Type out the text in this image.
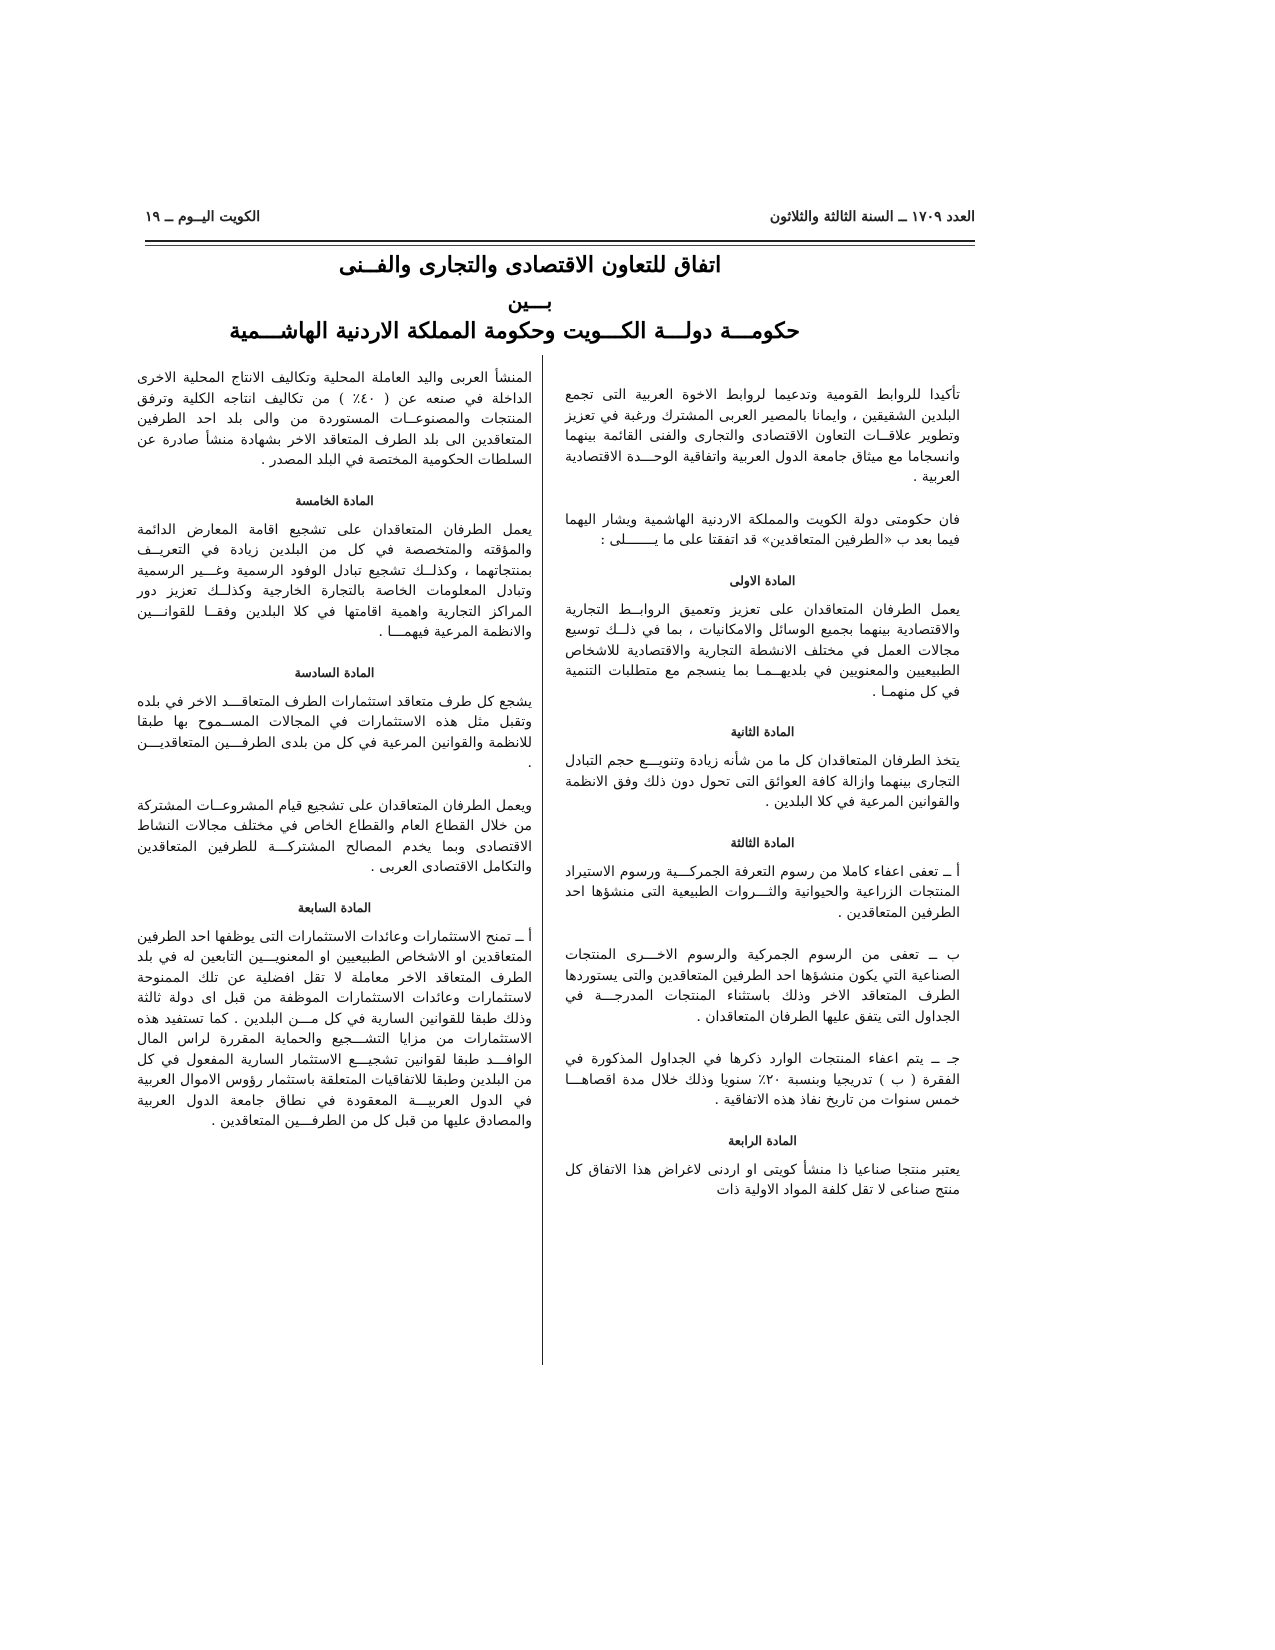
العدد ١٧٠٩ ــ السنة الثالثة والثلاثون
الكويت اليــوم ــ ١٩
اتفاق للتعاون الاقتصادى والتجارى والفــنى
بـــين
حكومـــة دولـــة الكـــويت وحكومة المملكة الاردنية الهاشـــمية

تأكيدا للروابط القومية وتدعيما لروابط الاخوة العربية التى تجمع البلدين الشقيقين ، وايمانا بالمصير العربى المشترك ورغبة في تعزيز وتطوير علاقــات التعاون الاقتصادى والتجارى والفنى القائمة بينهما وانسجاما مع ميثاق جامعة الدول العربية واتفاقية الوحـــدة الاقتصادية العربية .

فان حكومتى دولة الكويت والمملكة الاردنية الهاشمية ويشار اليهما فيما بعد ب «الطرفين المتعاقدين» قد اتفقتا على ما يـــــــلى :

المادة الاولى

يعمل الطرفان المتعاقدان على تعزيز وتعميق الروابــط التجارية والاقتصادية بينهما بجميع الوسائل والامكانيات ، بما في ذلــك توسيع مجالات العمل في مختلف الانشطة التجارية والاقتصادية للاشخاص الطبيعيين والمعنويين في بلديهــمـا بما ينسجم مع متطلبات التنمية في كل منهمـا .

المادة الثانية

يتخذ الطرفان المتعاقدان كل ما من شأنه زيادة وتنويـــع حجم التبادل التجارى بينهما وازالة كافة العوائق التى تحول دون ذلك وفق الانظمة والقوانين المرعية في كلا البلدين .

المادة الثالثة

أ ــ تعفى اعفاء كاملا من رسوم التعرفة الجمركـــية ورسوم الاستيراد المنتجات الزراعية والحيوانية والثـــروات الطبيعية التى منشؤها احد الطرفين المتعاقدين .

ب ــ تعفى من الرسوم الجمركية والرسوم الاخـــرى المنتجات الصناعية التي يكون منشؤها احد الطرفين المتعاقدين والتى يستوردها الطرف المتعاقد الاخر وذلك باستثناء المنتجات المدرجـــة في الجداول التى يتفق عليها الطرفان المتعاقدان .

جـ ــ يتم اعفاء المنتجات الوارد ذكرها في الجداول المذكورة في الفقرة ( ب ) تدريجيا وبنسبة ٢٠٪ سنويا وذلك خلال مدة اقصاهـــا خمس سنوات من تاريخ نفاذ هذه الاتفاقية .

المادة الرابعة

يعتبر منتجا صناعيا ذا منشأ كويتى او اردنى لاغراض هذا الاتفاق كل منتج صناعى لا تقل كلفة المواد الاولية ذات

المنشأ العربى واليد العاملة المحلية وتكاليف الانتاج المحلية الاخرى الداخلة في صنعه عن ( ٤٠٪ ) من تكاليف انتاجه الكلية وترفق المنتجات والمصنوعــات المستوردة من والى بلد احد الطرفين المتعاقدين الى بلد الطرف المتعاقد الاخر بشهادة منشأ صادرة عن السلطات الحكومية المختصة في البلد المصدر .

المادة الخامسة

يعمل الطرفان المتعاقدان على تشجيع اقامة المعارض الدائمة والمؤقته والمتخصصة في كل من البلدين زيادة في التعريــف بمنتجاتهما ، وكذلــك تشجيع تبادل الوفود الرسمية وغـــير الرسمية وتبادل المعلومات الخاصة بالتجارة الخارجية وكذلــك تعزيز دور المراكز التجارية واهمية اقامتها في كلا البلدين وفقــا للقوانـــين والانظمة المرعية فيهمـــا .

المادة السادسة

يشجع كل طرف متعاقد استثمارات الطرف المتعاقـــد الاخر في بلده وتقبل مثل هذه الاستثمارات في المجالات المســموح بها طبقا للانظمة والقوانين المرعية في كل من بلدى الطرفـــين المتعاقديـــن .

ويعمل الطرفان المتعاقدان على تشجيع قيام المشروعــات المشتركة من خلال القطاع العام والقطاع الخاص في مختلف مجالات النشاط الاقتصادى وبما يخدم المصالح المشتركـــة للطرفين المتعاقدين والتكامل الاقتصادى العربى .

المادة السابعة

أ ــ تمنح الاستثمارات وعائدات الاستثمارات التى يوظفها احد الطرفين المتعاقدين او الاشخاص الطبيعيين او المعنويـــين التابعين له في بلد الطرف المتعاقد الاخر معاملة لا تقل افضلية عن تلك الممنوحة لاستثمارات وعائدات الاستثمارات الموظفة من قبل اى دولة ثالثة وذلك طبقا للقوانين السارية في كل مـــن البلدين . كما تستفيد هذه الاستثمارات من مزايا التشـــجيع والحماية المقررة لراس المال الوافـــد طبقا لقوانين تشجيـــع الاستثمار السارية المفعول في كل من البلدين وطبقا للاتفاقيات المتعلقة باستثمار رؤوس الاموال العربية في الدول العربيـــة المعقودة في نطاق جامعة الدول العربية والمصادق عليها من قبل كل من الطرفـــين المتعاقدين .
